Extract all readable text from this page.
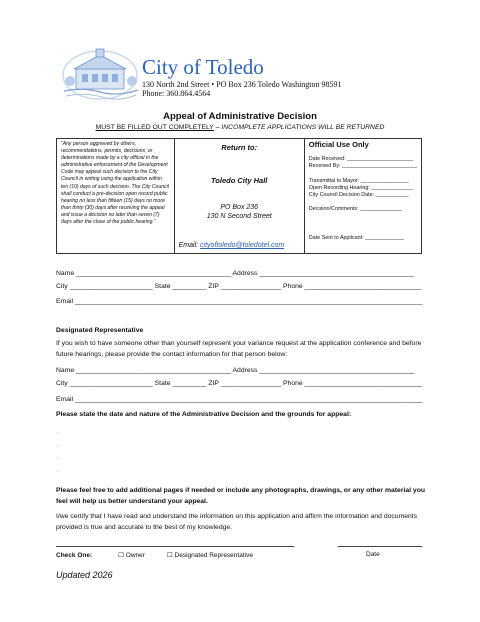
City of Toledo
130 North 2nd Street • PO Box 236 Toledo Washington 98591
Phone: 360.864.4564
Appeal of Administrative Decision
MUST BE FILLED OUT COMPLETELY – INCOMPLETE APPLICATIONS WILL BE RETURNED
“Any person aggrieved by others, recommendations, permits, decisions, or determinations made by a city official in the administrative enforcement of the Development Code may appeal such decision to the City Council in writing using the application within ten (10) days of such decision. The City Council shall conduct a pre-decision open record public hearing no less than fifteen (15) days no more than thirty (30) days after receiving the appeal and issue a decision no later than seven (7) days after the close of the public hearing.”

Return to:
Toledo City Hall
PO Box 236
130 N Second Street
Email: cityoftoledo@toledotel.com

Official Use Only
Date Received: ______________________
Received By: _________________________
Transmittal to Mayor: ________________
Open Recording Hearing: ______________
City Council Decision Date: ___________
Decision/Comments: ______________
Date Sent to Applicant: _____________
Name _________________________________________ Address _________________________________________
City ______________________ State _________ ZIP ________________ Phone _______________________________
Email ____________________________________________________________________________________________
Designated Representative
If you wish to have someone other than yourself represent your variance request at the application conference and before future hearings, please provide the contact information for that person below:
Name _________________________________________ Address _________________________________________
City ______________________ State _________ ZIP ________________ Phone _______________________________
Email ____________________________________________________________________________________________
Please state the date and nature of the Administrative Decision and the grounds for appeal:
.
.
.
.
Please feel free to add additional pages if needed or include any photographs, drawings, or any other material you feel will help us better understand your appeal.
I/we certify that I have read and understand the information on this application and affirm the information and documents provided is true and accurate to the best of my knowledge.
Check One:	☐ Owner	☐ Designated Representative	Date
Updated 2026
